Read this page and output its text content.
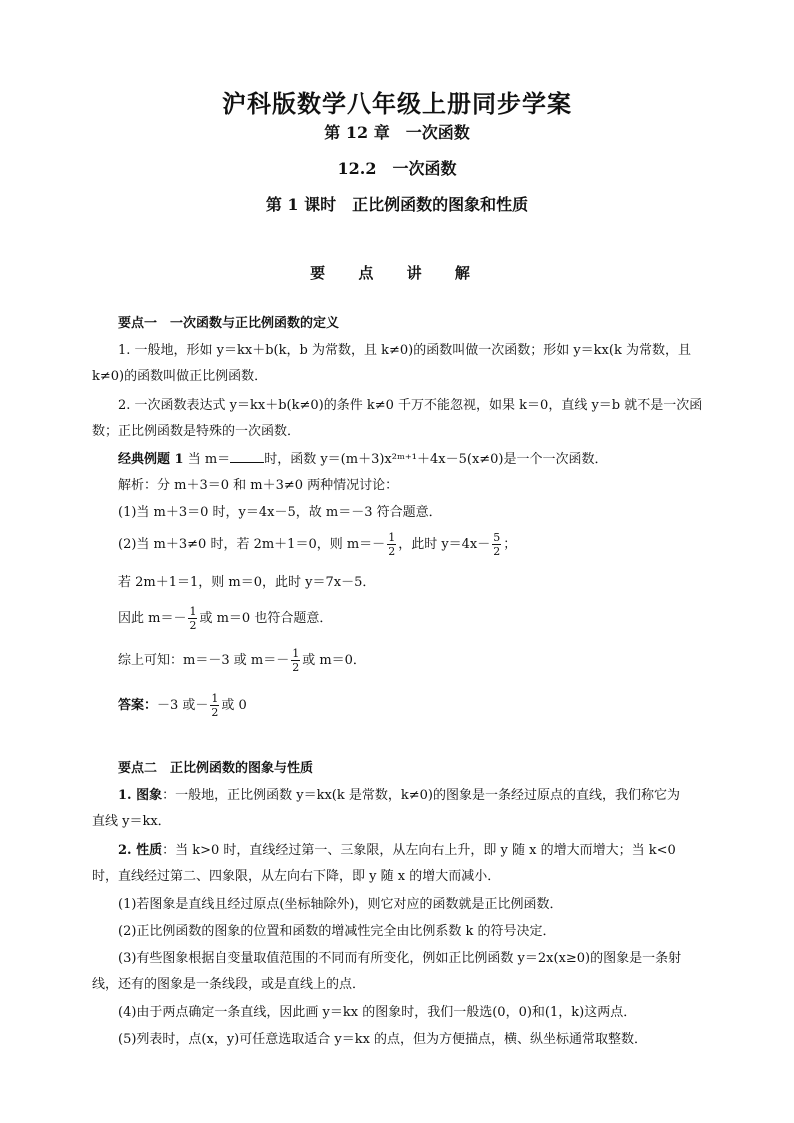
沪科版数学八年级上册同步学案
第 12 章　一次函数
12.2　一次函数
第 1 课时　正比例函数的图象和性质
要 点 讲 解
要点一　一次函数与正比例函数的定义
1. 一般地，形如 y＝kx＋b(k，b 为常数，且 k≠0)的函数叫做一次函数；形如 y＝kx(k 为常数，且
k≠0)的函数叫做正比例函数．
2. 一次函数表达式 y＝kx＋b(k≠0)的条件 k≠0 千万不能忽视，如果 k＝0，直线 y＝b 就不是一次函
数；正比例函数是特殊的一次函数．
经典例题 1 当 m＝	时，函数 y＝(m＋3)x²ᵐ⁺¹＋4x－5(x≠0)是一个一次函数．
解析：分 m＋3＝0 和 m＋3≠0 两种情况讨论：
(1)当 m＋3＝0 时，y＝4x－5，故 m＝－3 符合题意．
(2)当 m＋3≠0 时，若 2m＋1＝0，则 $m=- \frac{1}{2}$ ，此时 $y=4x- \frac{5}{2}$ ；
若 2m＋1＝1，则 m＝0，此时 y＝7x－5．
因此 $m=- \frac{1}{2}$ 或 m＝0 也符合题意．
综上可知：m＝－3 或 $m=- \frac{1}{2}$ 或 m＝0．
答案：－3 或－ $\frac{1}{2}$ 或 0
要点二　正比例函数的图象与性质
1. 图象：一般地，正比例函数 y＝kx(k 是常数，k≠0)的图象是一条经过原点的直线，我们称它为
直线 y＝kx．
2. 性质：当 k>0 时，直线经过第一、三象限，从左向右上升，即 y 随 x 的增大而增大；当 k<0
时，直线经过第二、四象限，从左向右下降，即 y 随 x 的增大而减小．
(1)若图象是直线且经过原点(坐标轴除外)，则它对应的函数就是正比例函数．
(2)正比例函数的图象的位置和函数的增减性完全由比例系数 k 的符号决定．
(3)有些图象根据自变量取值范围的不同而有所变化，例如正比例函数 y＝2x(x≥0)的图象是一条射
线，还有的图象是一条线段，或是直线上的点．
(4)由于两点确定一条直线，因此画 y＝kx 的图象时，我们一般选(0，0)和(1，k)这两点．
(5)列表时，点(x，y)可任意选取适合 y＝kx 的点，但为方便描点，横、纵坐标通常取整数．
